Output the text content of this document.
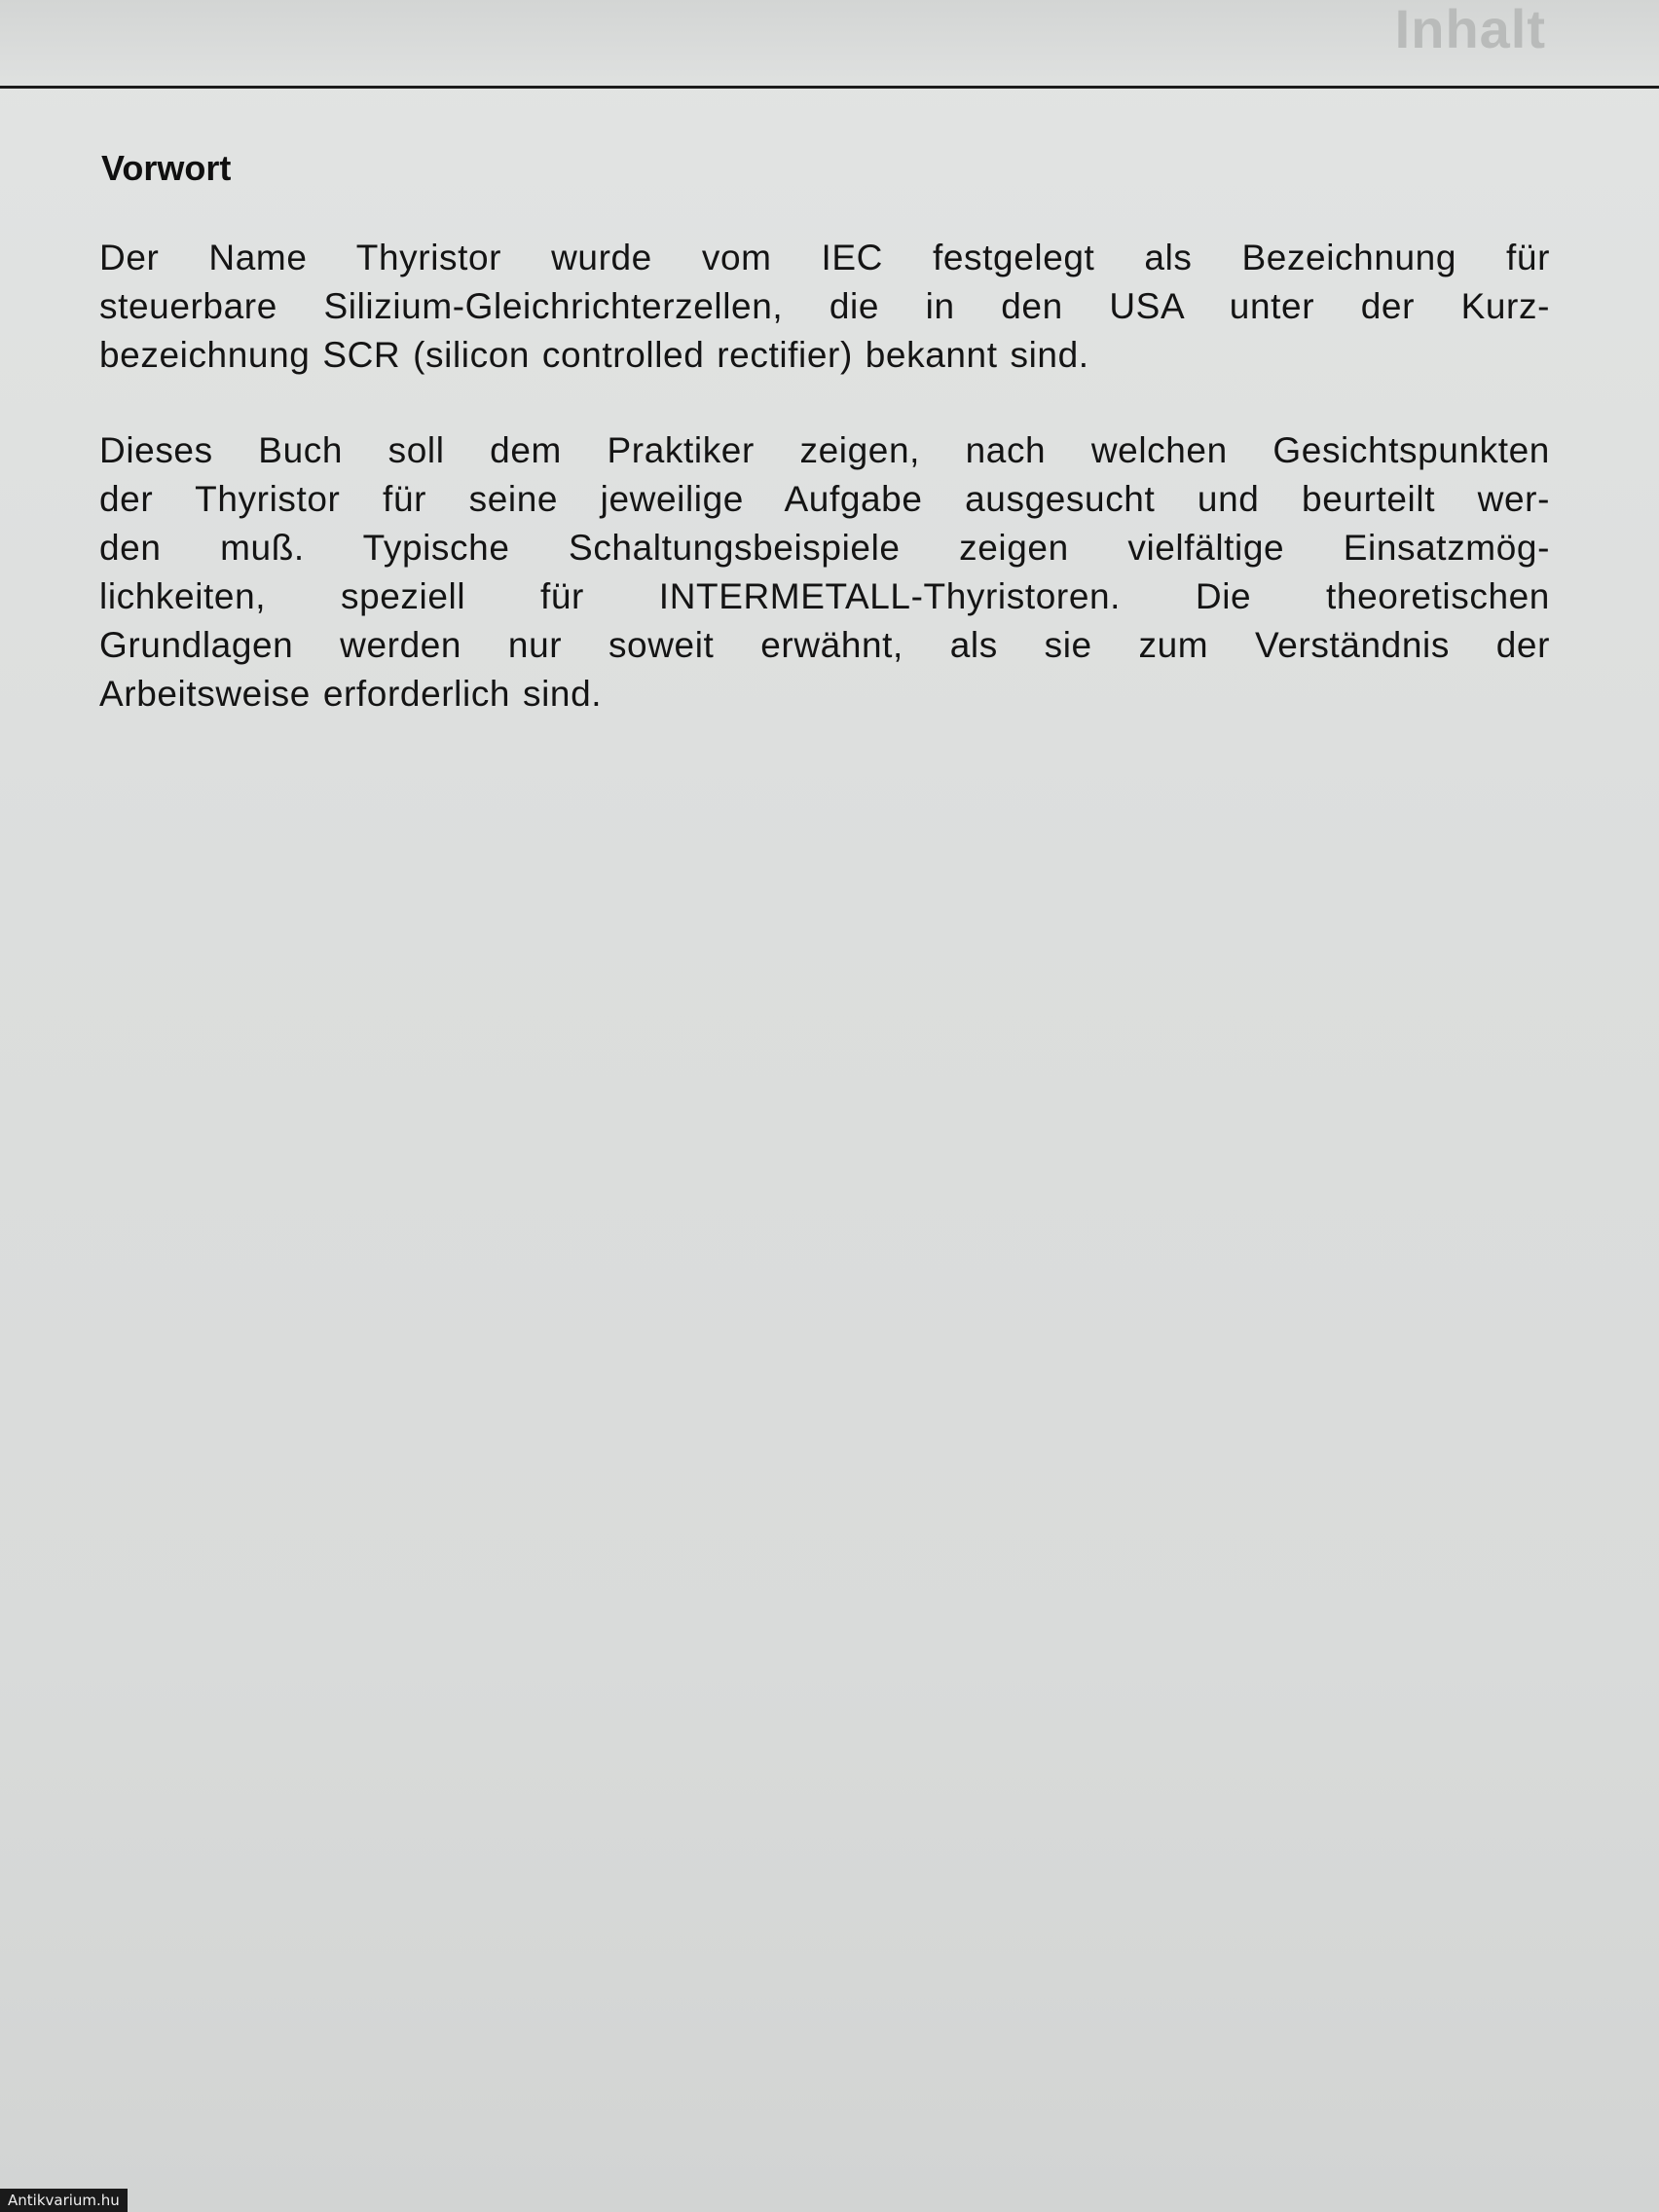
Inhalt
Vorwort

Der Name Thyristor wurde vom IEC festgelegt als Bezeichnung für
steuerbare Silizium-Gleichrichterzellen, die in den USA unter der Kurz-
bezeichnung SCR (silicon controlled rectifier) bekannt sind.

Dieses Buch soll dem Praktiker zeigen, nach welchen Gesichtspunkten
der Thyristor für seine jeweilige Aufgabe ausgesucht und beurteilt wer-
den muß. Typische Schaltungsbeispiele zeigen vielfältige Einsatzmög-
lichkeiten, speziell für INTERMETALL-Thyristoren. Die theoretischen
Grundlagen werden nur soweit erwähnt, als sie zum Verständnis der
Arbeitsweise erforderlich sind.

Antikvarium.hu
